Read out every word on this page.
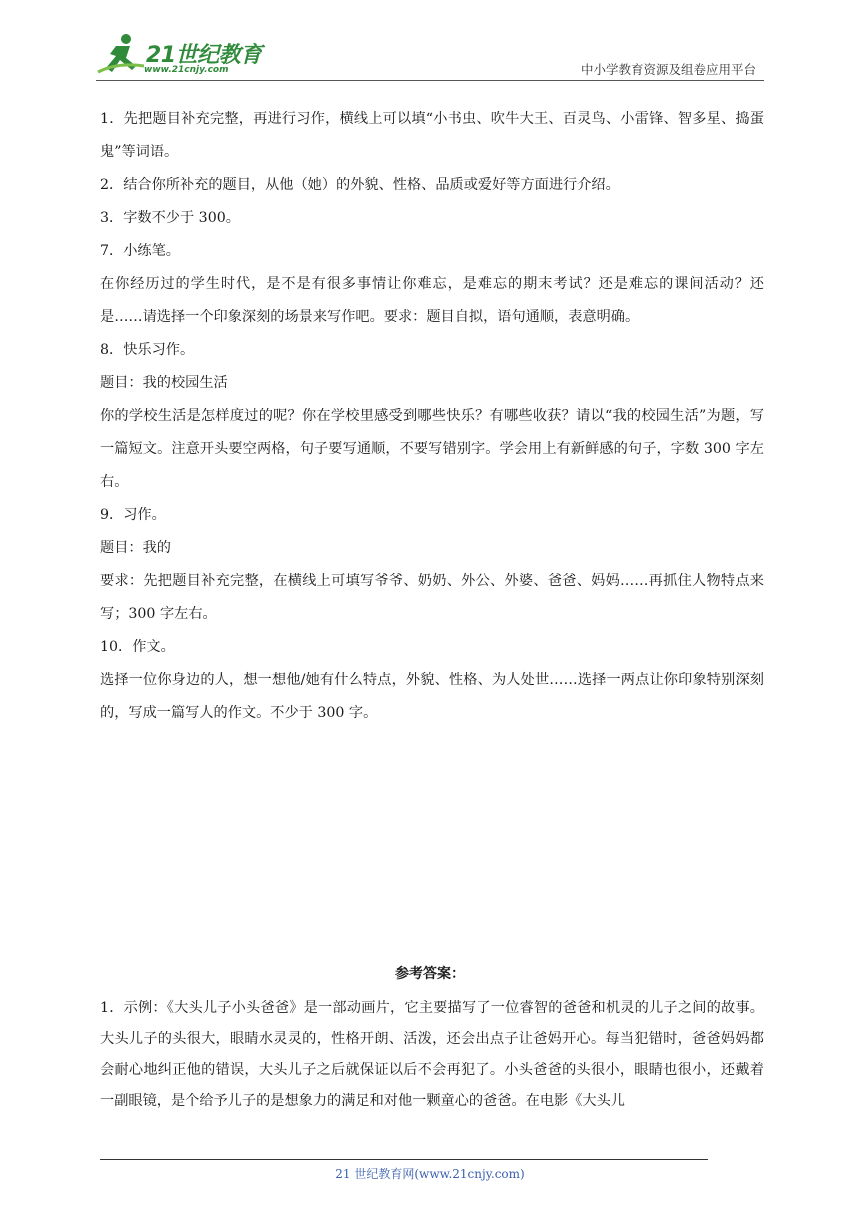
21世纪教育
www.21cnjy.com	中小学教育资源及组卷应用平台

1．先把题目补充完整，再进行习作，横线上可以填“小书虫、吹牛大王、百灵鸟、小雷锋、智多星、捣蛋鬼”等词语。

2．结合你所补充的题目，从他（她）的外貌、性格、品质或爱好等方面进行介绍。

3．字数不少于 300。

7．小练笔。

在你经历过的学生时代，是不是有很多事情让你难忘，是难忘的期末考试？还是难忘的课间活动？还是……请选择一个印象深刻的场景来写作吧。要求：题目自拟，语句通顺，表意明确。

8．快乐习作。

题目：我的校园生活

你的学校生活是怎样度过的呢？你在学校里感受到哪些快乐？有哪些收获？请以“我的校园生活”为题，写一篇短文。注意开头要空两格，句子要写通顺，不要写错别字。学会用上有新鲜感的句子，字数 300 字左右。

9．习作。

题目：我的

要求：先把题目补充完整，在横线上可填写爷爷、奶奶、外公、外婆、爸爸、妈妈……再抓住人物特点来写；300 字左右。

10．作文。

选择一位你身边的人，想一想他/她有什么特点，外貌、性格、为人处世……选择一两点让你印象特别深刻的，写成一篇写人的作文。不少于 300 字。

参考答案：

1．示例：《大头儿子小头爸爸》是一部动画片，它主要描写了一位睿智的爸爸和机灵的儿子之间的故事。大头儿子的头很大，眼睛水灵灵的，性格开朗、活泼，还会出点子让爸妈开心。每当犯错时，爸爸妈妈都会耐心地纠正他的错误，大头儿子之后就保证以后不会再犯了。小头爸爸的头很小，眼睛也很小，还戴着一副眼镜，是个给予儿子的是想象力的满足和对他一颗童心的爸爸。在电影《大头儿

21 世纪教育网(www.21cnjy.com)
